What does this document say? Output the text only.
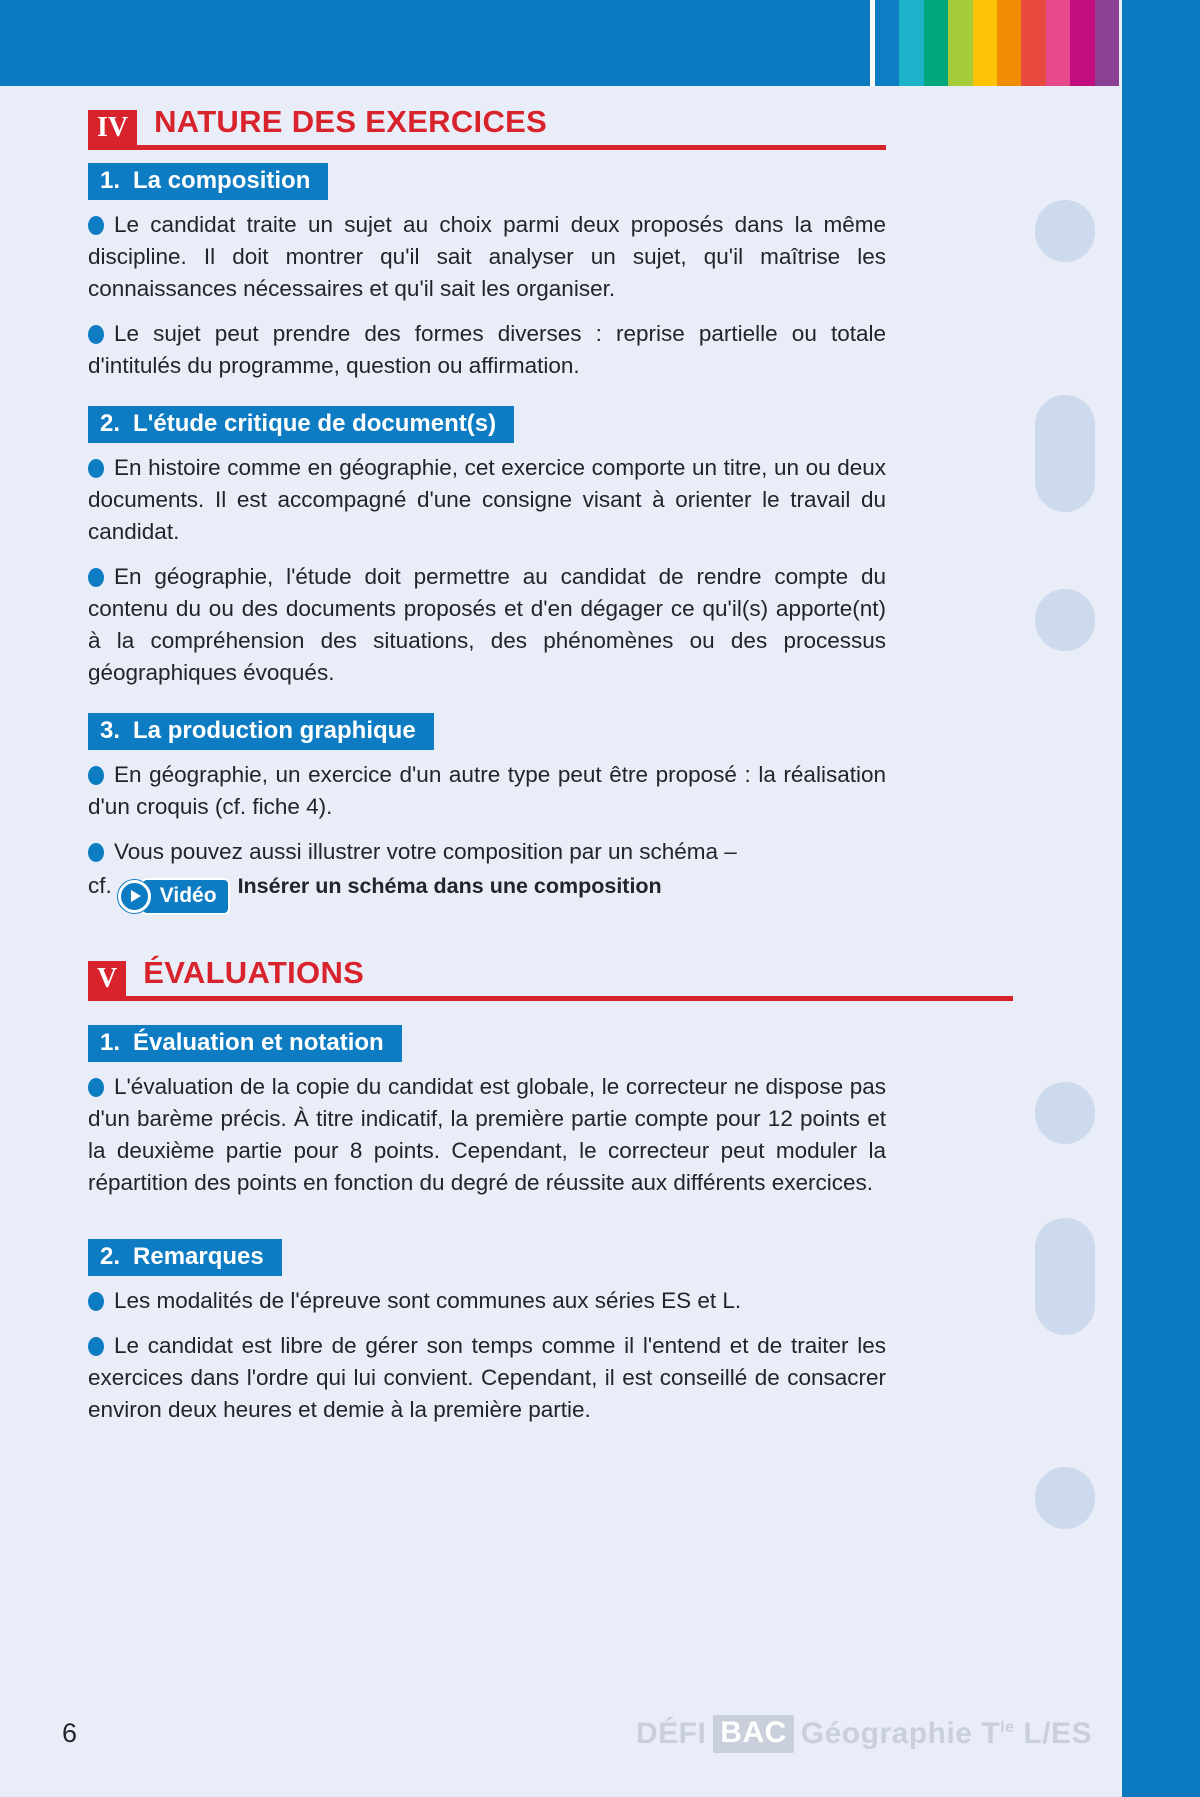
IV NATURE DES EXERCICES
1. La composition

Le candidat traite un sujet au choix parmi deux proposés dans la même discipline. Il doit montrer qu'il sait analyser un sujet, qu'il maîtrise les connaissances nécessaires et qu'il sait les organiser.

Le sujet peut prendre des formes diverses : reprise partielle ou totale d'intitulés du programme, question ou affirmation.

2. L'étude critique de document(s)

En histoire comme en géographie, cet exercice comporte un titre, un ou deux documents. Il est accompagné d'une consigne visant à orienter le travail du candidat.

En géographie, l'étude doit permettre au candidat de rendre compte du contenu du ou des documents proposés et d'en dégager ce qu'il(s) apporte(nt) à la compréhension des situations, des phénomènes ou des processus géographiques évoqués.

3. La production graphique

En géographie, un exercice d'un autre type peut être proposé : la réalisation d'un croquis (cf. fiche 4).

Vous pouvez aussi illustrer votre composition par un schéma –
cf.	Vidéo Insérer un schéma dans une composition

V ÉVALUATIONS
1. Évaluation et notation

L'évaluation de la copie du candidat est globale, le correcteur ne dispose pas d'un barème précis. À titre indicatif, la première partie compte pour 12 points et la deuxième partie pour 8 points. Cependant, le correcteur peut moduler la répartition des points en fonction du degré de réussite aux différents exercices.

2. Remarques

Les modalités de l'épreuve sont communes aux séries ES et L.

Le candidat est libre de gérer son temps comme il l'entend et de traiter les exercices dans l'ordre qui lui convient. Cependant, il est conseillé de consacrer environ deux heures et demie à la première partie.

6	DÉFI BAC Géographie $T^{le}$ L/ES
